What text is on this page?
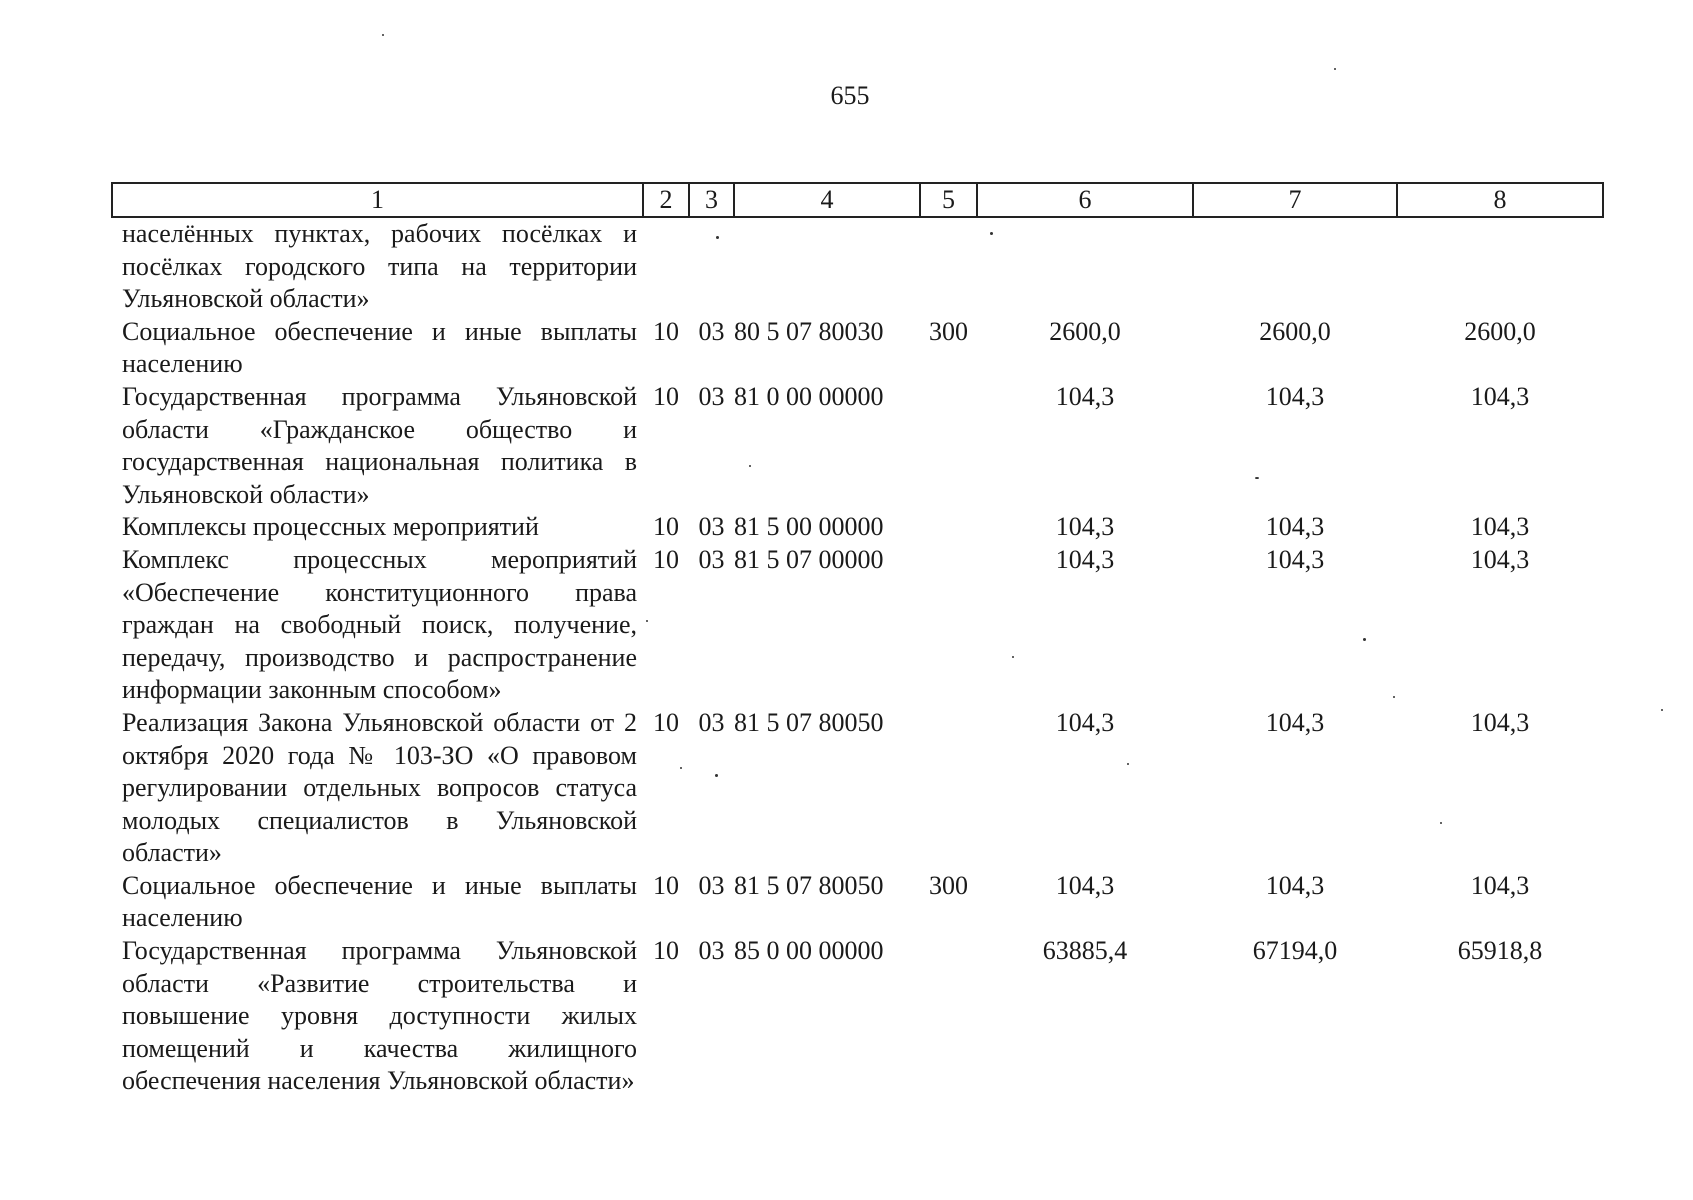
655
1	2	3	4	5	6	7	8
населённых пунктах, рабочих посёлках и посёлках городского типа на территории Ульяновской области»							
Социальное обеспечение и иные выплаты населению	10	03	80 5 07 80030	300	2600,0	2600,0	2600,0
Государственная программа Ульяновской области «Гражданское общество и государственная национальная политика в Ульяновской области»	10	03	81 0 00 00000		104,3	104,3	104,3
Комплексы процессных мероприятий	10	03	81 5 00 00000		104,3	104,3	104,3
Комплекс процессных мероприятий «Обеспечение конституционного права граждан на свободный поиск, получение, передачу, производство и распространение информации законным способом»	10	03	81 5 07 00000		104,3	104,3	104,3
Реализация Закона Ульяновской области от 2 октября 2020 года № 103-ЗО «О правовом регулировании отдельных вопросов статуса молодых специалистов в Ульяновской области»	10	03	81 5 07 80050		104,3	104,3	104,3
Социальное обеспечение и иные выплаты населению	10	03	81 5 07 80050	300	104,3	104,3	104,3
Государственная программа Ульяновской области «Развитие строительства и повышение уровня доступности жилых помещений и качества жилищного обеспечения населения Ульяновской области»	10	03	85 0 00 00000		63885,4	67194,0	65918,8
